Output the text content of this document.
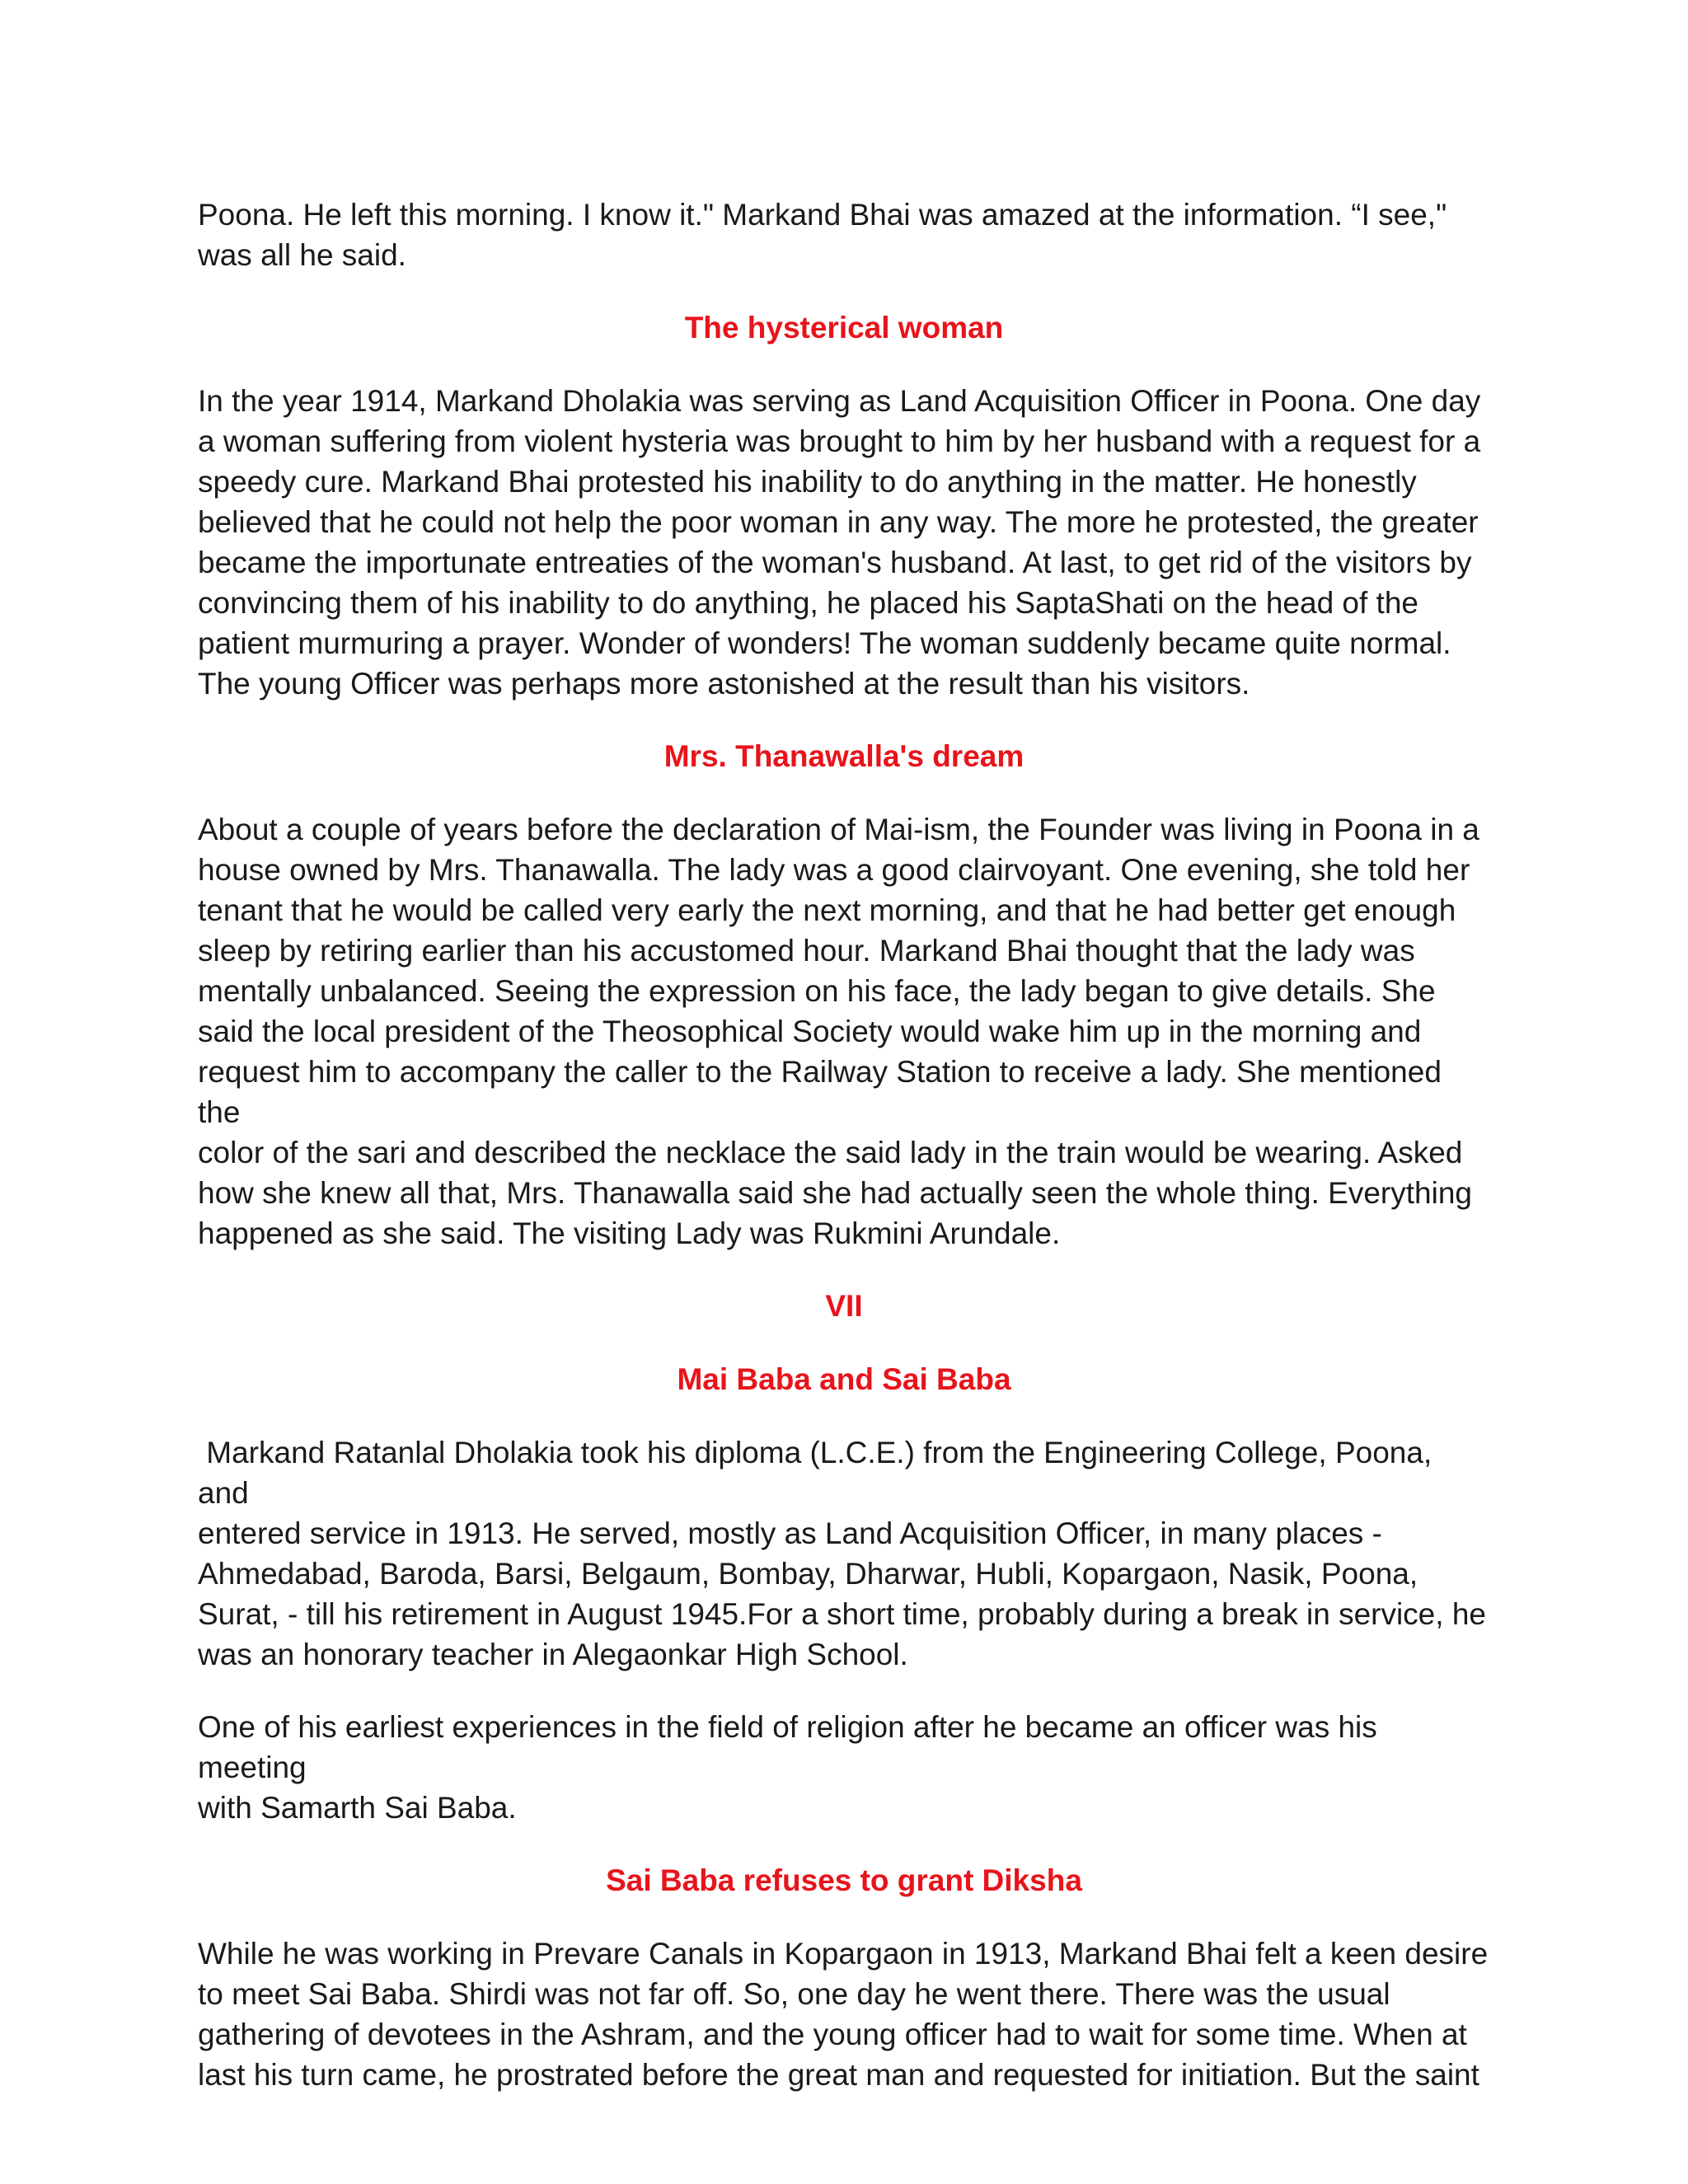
Poona. He left this morning. I know it." Markand Bhai was amazed at the information. “I see,"
was all he said.

The hysterical woman

In the year 1914, Markand Dholakia was serving as Land Acquisition Officer in Poona. One day
a woman suffering from violent hysteria was brought to him by her husband with a request for a
speedy cure. Markand Bhai protested his inability to do anything in the matter. He honestly
believed that he could not help the poor woman in any way. The more he protested, the greater
became the importunate entreaties of the woman's husband. At last, to get rid of the visitors by
convincing them of his inability to do anything, he placed his SaptaShati on the head of the
patient murmuring a prayer. Wonder of wonders! The woman suddenly became quite normal.
The young Officer was perhaps more astonished at the result than his visitors.

Mrs. Thanawalla's dream

About a couple of years before the declaration of Mai-ism, the Founder was living in Poona in a
house owned by Mrs. Thanawalla. The lady was a good clairvoyant. One evening, she told her
tenant that he would be called very early the next morning, and that he had better get enough
sleep by retiring earlier than his accustomed hour. Markand Bhai thought that the lady was
mentally unbalanced. Seeing the expression on his face, the lady began to give details. She
said the local president of the Theosophical Society would wake him up in the morning and
request him to accompany the caller to the Railway Station to receive a lady. She mentioned the
color of the sari and described the necklace the said lady in the train would be wearing. Asked
how she knew all that, Mrs. Thanawalla said she had actually seen the whole thing. Everything
happened as she said. The visiting Lady was Rukmini Arundale.

VII
Mai Baba and Sai Baba

Markand Ratanlal Dholakia took his diploma (L.C.E.) from the Engineering College, Poona, and
entered service in 1913. He served, mostly as Land Acquisition Officer, in many places -
Ahmedabad, Baroda, Barsi, Belgaum, Bombay, Dharwar, Hubli, Kopargaon, Nasik, Poona,
Surat, - till his retirement in August 1945.For a short time, probably during a break in service, he
was an honorary teacher in Alegaonkar High School.

One of his earliest experiences in the field of religion after he became an officer was his meeting
with Samarth Sai Baba.

Sai Baba refuses to grant Diksha

While he was working in Prevare Canals in Kopargaon in 1913, Markand Bhai felt a keen desire
to meet Sai Baba. Shirdi was not far off. So, one day he went there. There was the usual
gathering of devotees in the Ashram, and the young officer had to wait for some time. When at
last his turn came, he prostrated before the great man and requested for initiation. But the saint
